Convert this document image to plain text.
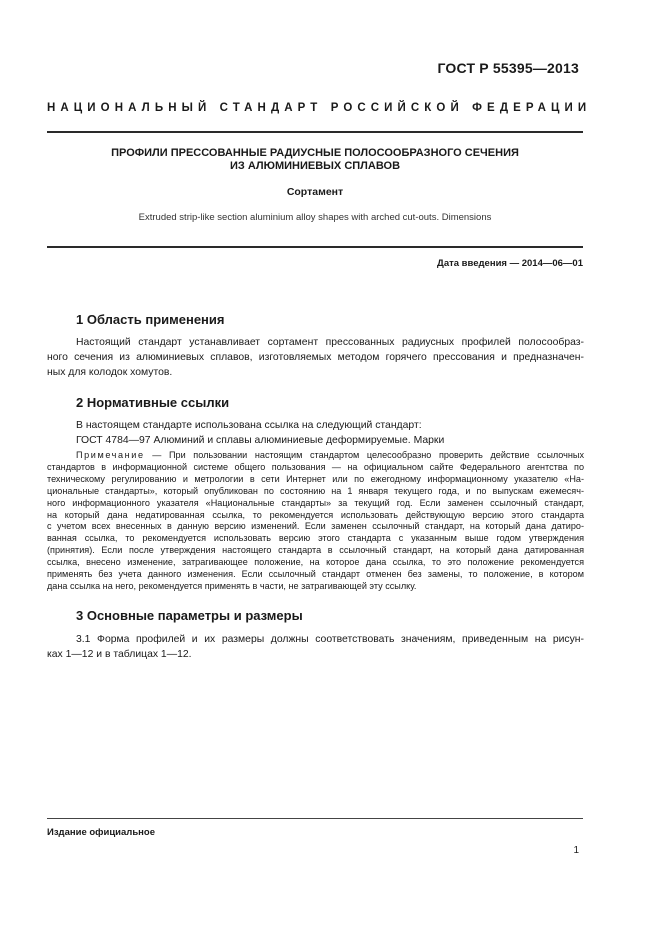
ГОСТ Р 55395—2013
НАЦИОНАЛЬНЫЙ СТАНДАРТ РОССИЙСКОЙ ФЕДЕРАЦИИ
ПРОФИЛИ ПРЕССОВАННЫЕ РАДИУСНЫЕ ПОЛОСООБРАЗНОГО СЕЧЕНИЯ
ИЗ АЛЮМИНИЕВЫХ СПЛАВОВ
Сортамент
Extruded strip-like section aluminium alloy shapes with arched cut-outs. Dimensions
Дата введения — 2014—06—01
1 Область применения
Настоящий стандарт устанавливает сортамент прессованных радиусных профилей полосообраз-
ного сечения из алюминиевых сплавов, изготовляемых методом горячего прессования и предназначен-
ных для колодок хомутов.
2 Нормативные ссылки
В настоящем стандарте использована ссылка на следующий стандарт:
ГОСТ 4784—97 Алюминий и сплавы алюминиевые деформируемые. Марки
Примечание — При пользовании настоящим стандартом целесообразно проверить действие ссылочных
стандартов в информационной системе общего пользования — на официальном сайте Федерального агентства по
техническому регулированию и метрологии в сети Интернет или по ежегодному информационному указателю «На-
циональные стандарты», который опубликован по состоянию на 1 января текущего года, и по выпускам ежемесяч-
ного информационного указателя «Национальные стандарты» за текущий год. Если заменен ссылочный стандарт,
на который дана недатированная ссылка, то рекомендуется использовать действующую версию этого стандарта
с учетом всех внесенных в данную версию изменений. Если заменен ссылочный стандарт, на который дана датиро-
ванная ссылка, то рекомендуется использовать версию этого стандарта с указанным выше годом утверждения
(принятия). Если после утверждения настоящего стандарта в ссылочный стандарт, на который дана датированная
ссылка, внесено изменение, затрагивающее положение, на которое дана ссылка, то это положение рекомендуется
применять без учета данного изменения. Если ссылочный стандарт отменен без замены, то положение, в котором
дана ссылка на него, рекомендуется применять в части, не затрагивающей эту ссылку.
3 Основные параметры и размеры
3.1 Форма профилей и их размеры должны соответствовать значениям, приведенным на рисун-
ках 1—12 и в таблицах 1—12.
Издание официальное
1
